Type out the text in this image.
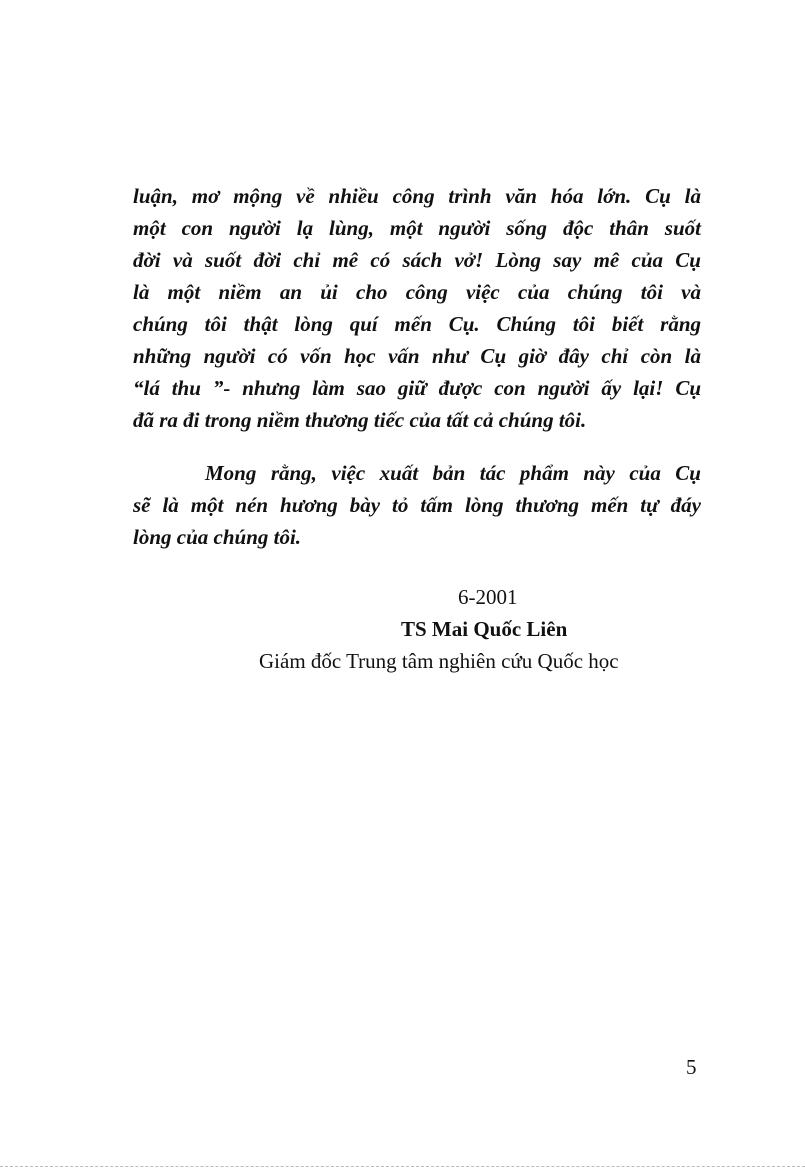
luận, mơ mộng về nhiều công trình văn hóa lớn. Cụ là
một con người lạ lùng, một người sống độc thân suốt
đời và suốt đời chỉ mê có sách vở! Lòng say mê của Cụ
là một niềm an ủi cho công việc của chúng tôi và
chúng tôi thật lòng quí mến Cụ. Chúng tôi biết rằng
những người có vốn học vấn như Cụ giờ đây chỉ còn là
“lá thu ”- nhưng làm sao giữ được con người ấy lại! Cụ
đã ra đi trong niềm thương tiếc của tất cả chúng tôi.
Mong rằng, việc xuất bản tác phẩm này của Cụ
sẽ là một nén hương bày tỏ tấm lòng thương mến tự đáy
lòng của chúng tôi.
6-2001
TS Mai Quốc Liên
Giám đốc Trung tâm nghiên cứu Quốc học
5
